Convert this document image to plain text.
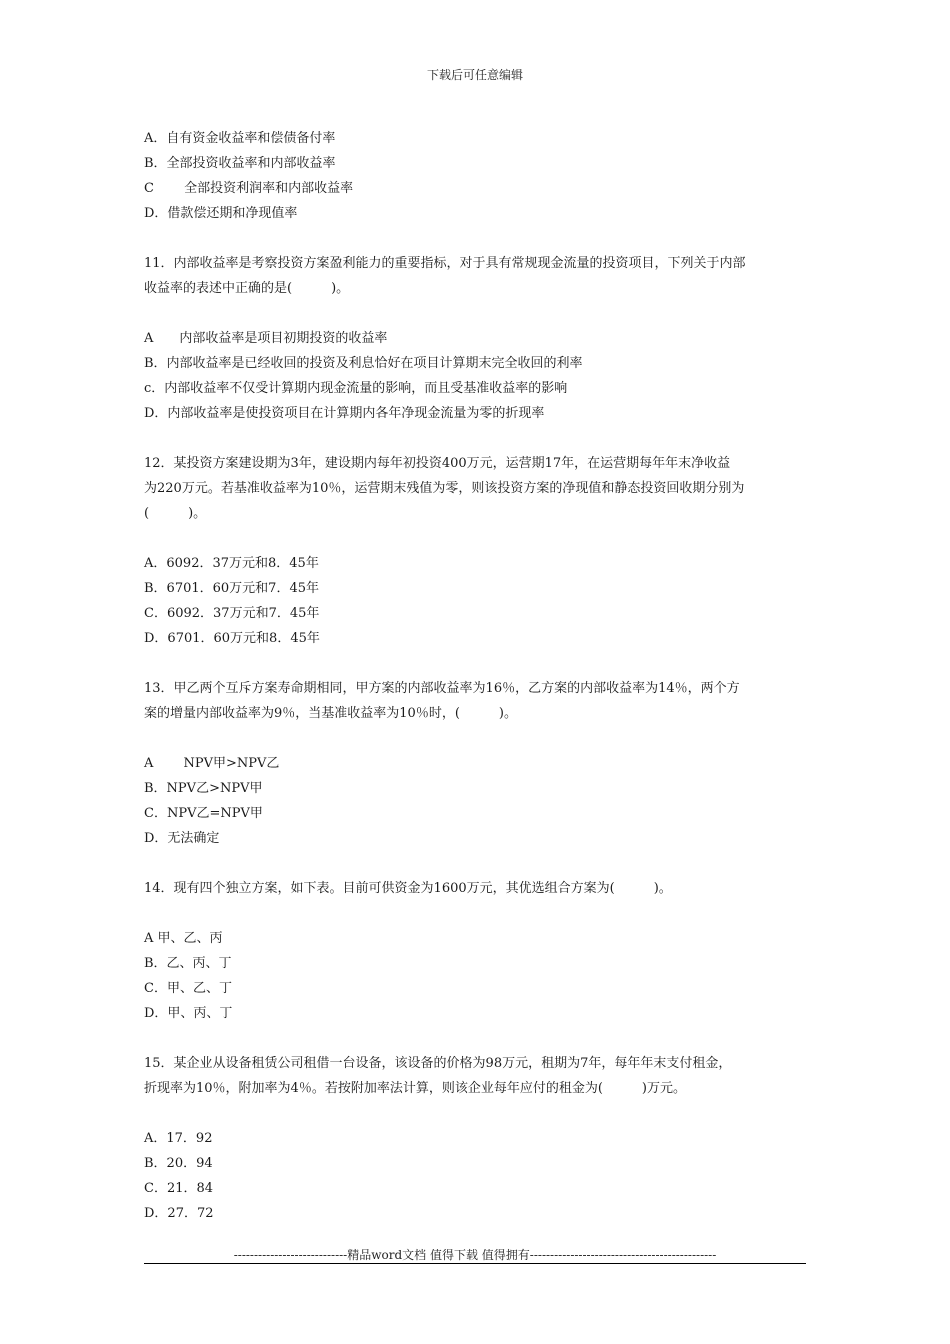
下载后可任意编辑
A．自有资金收益率和偿债备付率
B．全部投资收益率和内部收益率
C　　 全部投资利润率和内部收益率
D．借款偿还期和净现值率
11．内部收益率是考察投资方案盈利能力的重要指标，对于具有常规现金流量的投资项目，下列关于内部
收益率的表述中正确的是(　　　)。
A　　内部收益率是项目初期投资的收益率
B．内部收益率是已经收回的投资及利息恰好在项目计算期末完全收回的利率
c．内部收益率不仅受计算期内现金流量的影响，而且受基准收益率的影响
D．内部收益率是使投资项目在计算期内各年净现金流量为零的折现率
12．某投资方案建设期为3年，建设期内每年初投资400万元，运营期17年，在运营期每年年末净收益
为220万元。若基准收益率为10％，运营期末残值为零，则该投资方案的净现值和静态投资回收期分别为
(　　　)。
A．6092．37万元和8．45年
B．6701．60万元和7．45年
C．6092．37万元和7．45年
D．6701．60万元和8．45年
13．甲乙两个互斥方案寿命期相同，甲方案的内部收益率为16％，乙方案的内部收益率为14％，两个方
案的增量内部收益率为9％，当基准收益率为10％时，(　　　)。
A　　 NPV甲>NPV乙
B．NPV乙>NPV甲
C．NPV乙=NPV甲
D．无法确定
14．现有四个独立方案，如下表。目前可供资金为1600万元，其优选组合方案为(　　　)。
A 甲、乙、丙
B．乙、丙、丁
C．甲、乙、丁
D．甲、丙、丁
15．某企业从设备租赁公司租借一台设备，该设备的价格为98万元，租期为7年，每年年末支付租金，
折现率为10％，附加率为4％。若按附加率法计算，则该企业每年应付的租金为(　　　)万元。
A．17．92
B．20．94
C．21．84
D．27．72
----------------------------精品word文档 值得下载 值得拥有----------------------------------------------
